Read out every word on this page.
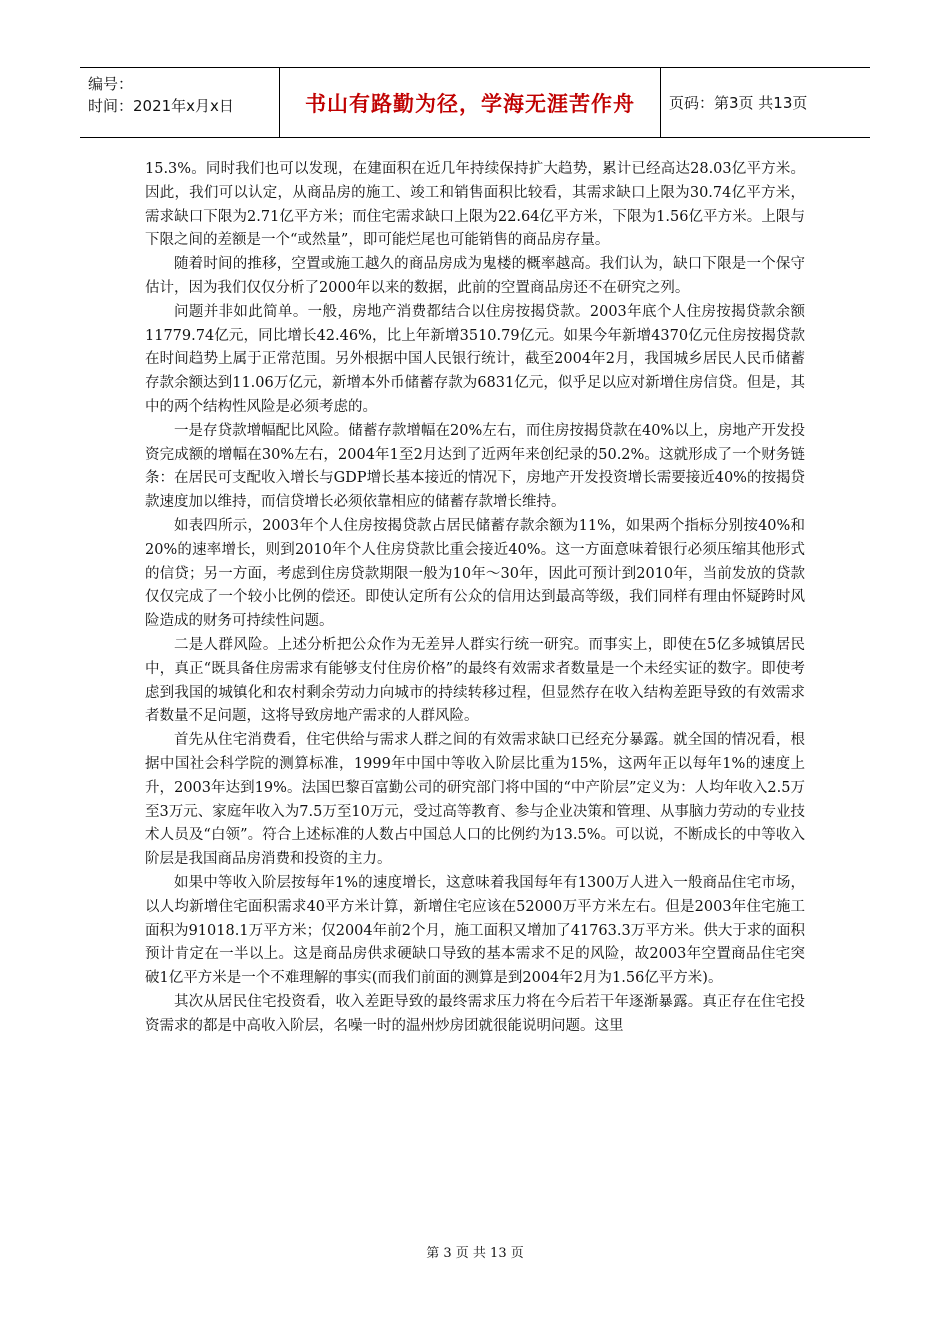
编号：
时间：2021年x月x日	书山有路勤为径，学海无涯苦作舟	页码：第3页 共13页

15.3%。同时我们也可以发现，在建面积在近几年持续保持扩大趋势，累计已经高达28.03亿平方米。因此，我们可以认定，从商品房的施工、竣工和销售面积比较看，其需求缺口上限为30.74亿平方米，需求缺口下限为2.71亿平方米；而住宅需求缺口上限为22.64亿平方米，下限为1.56亿平方米。上限与下限之间的差额是一个“或然量”，即可能烂尾也可能销售的商品房存量。

随着时间的推移，空置或施工越久的商品房成为鬼楼的概率越高。我们认为，缺口下限是一个保守估计，因为我们仅仅分析了2000年以来的数据，此前的空置商品房还不在研究之列。

问题并非如此简单。一般，房地产消费都结合以住房按揭贷款。2003年底个人住房按揭贷款余额11779.74亿元，同比增长42.46%，比上年新增3510.79亿元。如果今年新增4370亿元住房按揭贷款在时间趋势上属于正常范围。另外根据中国人民银行统计，截至2004年2月，我国城乡居民人民币储蓄存款余额达到11.06万亿元，新增本外币储蓄存款为6831亿元，似乎足以应对新增住房信贷。但是，其中的两个结构性风险是必须考虑的。

一是存贷款增幅配比风险。储蓄存款增幅在20%左右，而住房按揭贷款在40%以上，房地产开发投资完成额的增幅在30%左右，2004年1至2月达到了近两年来创纪录的50.2%。这就形成了一个财务链条：在居民可支配收入增长与GDP增长基本接近的情况下，房地产开发投资增长需要接近40%的按揭贷款速度加以维持，而信贷增长必须依靠相应的储蓄存款增长维持。

如表四所示，2003年个人住房按揭贷款占居民储蓄存款余额为11%，如果两个指标分别按40%和20%的速率增长，则到2010年个人住房贷款比重会接近40%。这一方面意味着银行必须压缩其他形式的信贷；另一方面，考虑到住房贷款期限一般为10年～30年，因此可预计到2010年，当前发放的贷款仅仅完成了一个较小比例的偿还。即使认定所有公众的信用达到最高等级，我们同样有理由怀疑跨时风险造成的财务可持续性问题。

二是人群风险。上述分析把公众作为无差异人群实行统一研究。而事实上，即使在5亿多城镇居民中，真正“既具备住房需求有能够支付住房价格”的最终有效需求者数量是一个未经实证的数字。即使考虑到我国的城镇化和农村剩余劳动力向城市的持续转移过程，但显然存在收入结构差距导致的有效需求者数量不足问题，这将导致房地产需求的人群风险。

首先从住宅消费看，住宅供给与需求人群之间的有效需求缺口已经充分暴露。就全国的情况看，根据中国社会科学院的测算标准，1999年中国中等收入阶层比重为15%，这两年正以每年1%的速度上升，2003年达到19%。法国巴黎百富勤公司的研究部门将中国的“中产阶层”定义为：人均年收入2.5万至3万元、家庭年收入为7.5万至10万元，受过高等教育、参与企业决策和管理、从事脑力劳动的专业技术人员及“白领”。符合上述标准的人数占中国总人口的比例约为13.5%。可以说，不断成长的中等收入阶层是我国商品房消费和投资的主力。

如果中等收入阶层按每年1%的速度增长，这意味着我国每年有1300万人进入一般商品住宅市场，以人均新增住宅面积需求40平方米计算，新增住宅应该在52000万平方米左右。但是2003年住宅施工面积为91018.1万平方米；仅2004年前2个月，施工面积又增加了41763.3万平方米。供大于求的面积预计肯定在一半以上。这是商品房供求硬缺口导致的基本需求不足的风险，故2003年空置商品住宅突破1亿平方米是一个不难理解的事实(而我们前面的测算是到2004年2月为1.56亿平方米)。

其次从居民住宅投资看，收入差距导致的最终需求压力将在今后若干年逐渐暴露。真正存在住宅投资需求的都是中高收入阶层，名噪一时的温州炒房团就很能说明问题。这里

第 3 页 共 13 页
